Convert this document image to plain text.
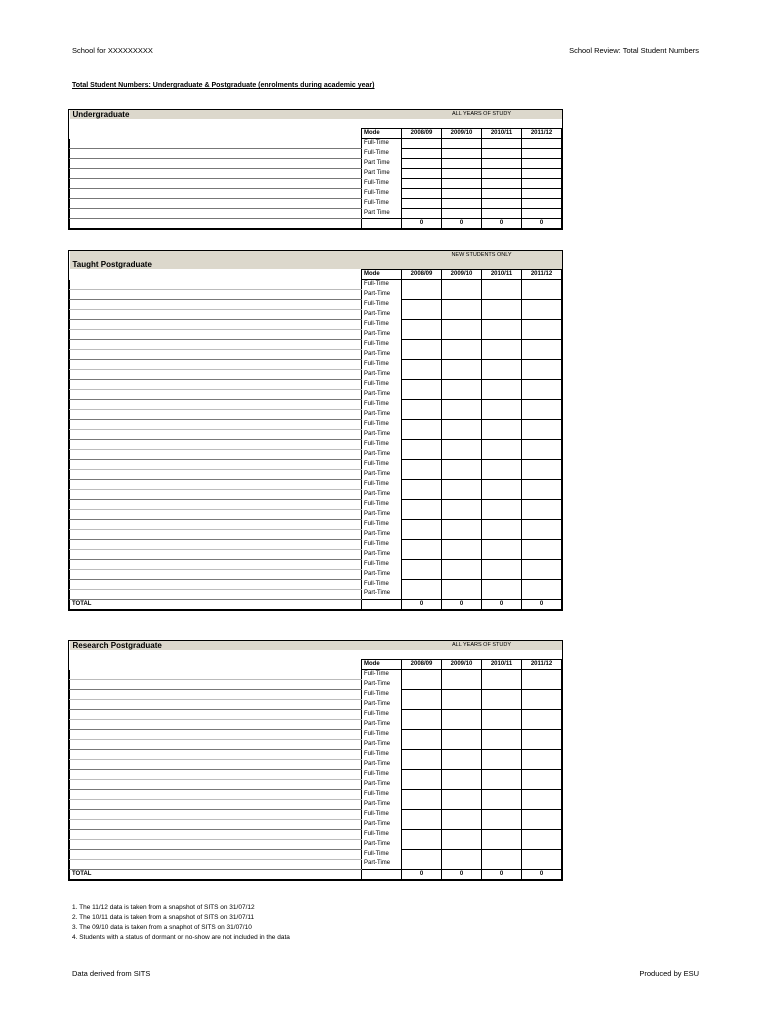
School for XXXXXXXXX	School Review: Total Student Numbers
Total Student Numbers: Undergraduate & Postgraduate (enrolments during academic year)
Undergraduate		ALL YEARS OF STUDY			

	Mode	2008/09	2009/10	2010/11	2011/12
	Full-Time				
	Full-Time				
	Part Time				
	Part Time				
	Full-Time				
	Full-Time				
	Full-Time				
	Part Time				
		0	0	0	0
		NEW STUDENTS ONLY			
Taught Postgraduate					
	Mode	2008/09	2009/10	2010/11	2011/12
	Full-Time				
	Part-Time				
	Full-Time				
	Part-Time				
	Full-Time				
	Part-Time				
	Full-Time				
	Part-Time				
	Full-Time				
	Part-Time				
	Full-Time				
	Part-Time				
	Full-Time				
	Part-Time				
	Full-Time				
	Part-Time				
	Full-Time				
	Part-Time				
	Full-Time				
	Part-Time				
	Full-Time				
	Part-Time				
	Full-Time				
	Part-Time				
	Full-Time				
	Part-Time				
	Full-Time				
	Part-Time				
	Full-Time				
	Part-Time				
	Full-Time				
	Part-Time				
TOTAL		0	0	0	0
Research Postgraduate		ALL YEARS OF STUDY			

	Mode	2008/09	2009/10	2010/11	2011/12
	Full-Time				
	Part-Time				
	Full-Time				
	Part-Time				
	Full-Time				
	Part-Time				
	Full-Time				
	Part-Time				
	Full-Time				
	Part-Time				
	Full-Time				
	Part-Time				
	Full-Time				
	Part-Time				
	Full-Time				
	Part-Time				
	Full-Time				
	Part-Time				
	Full-Time				
	Part-Time				
TOTAL		0	0	0	0
1. The 11/12 data is taken from a snapshot of SITS on 31/07/12
2. The 10/11 data is taken from a snapshot of SITS on 31/07/11
3. The 09/10 data is taken from a snaphot of SITS on 31/07/10
4. Students with a status of dormant or no-show are not included in the data
Data derived from SITS	Produced by ESU
